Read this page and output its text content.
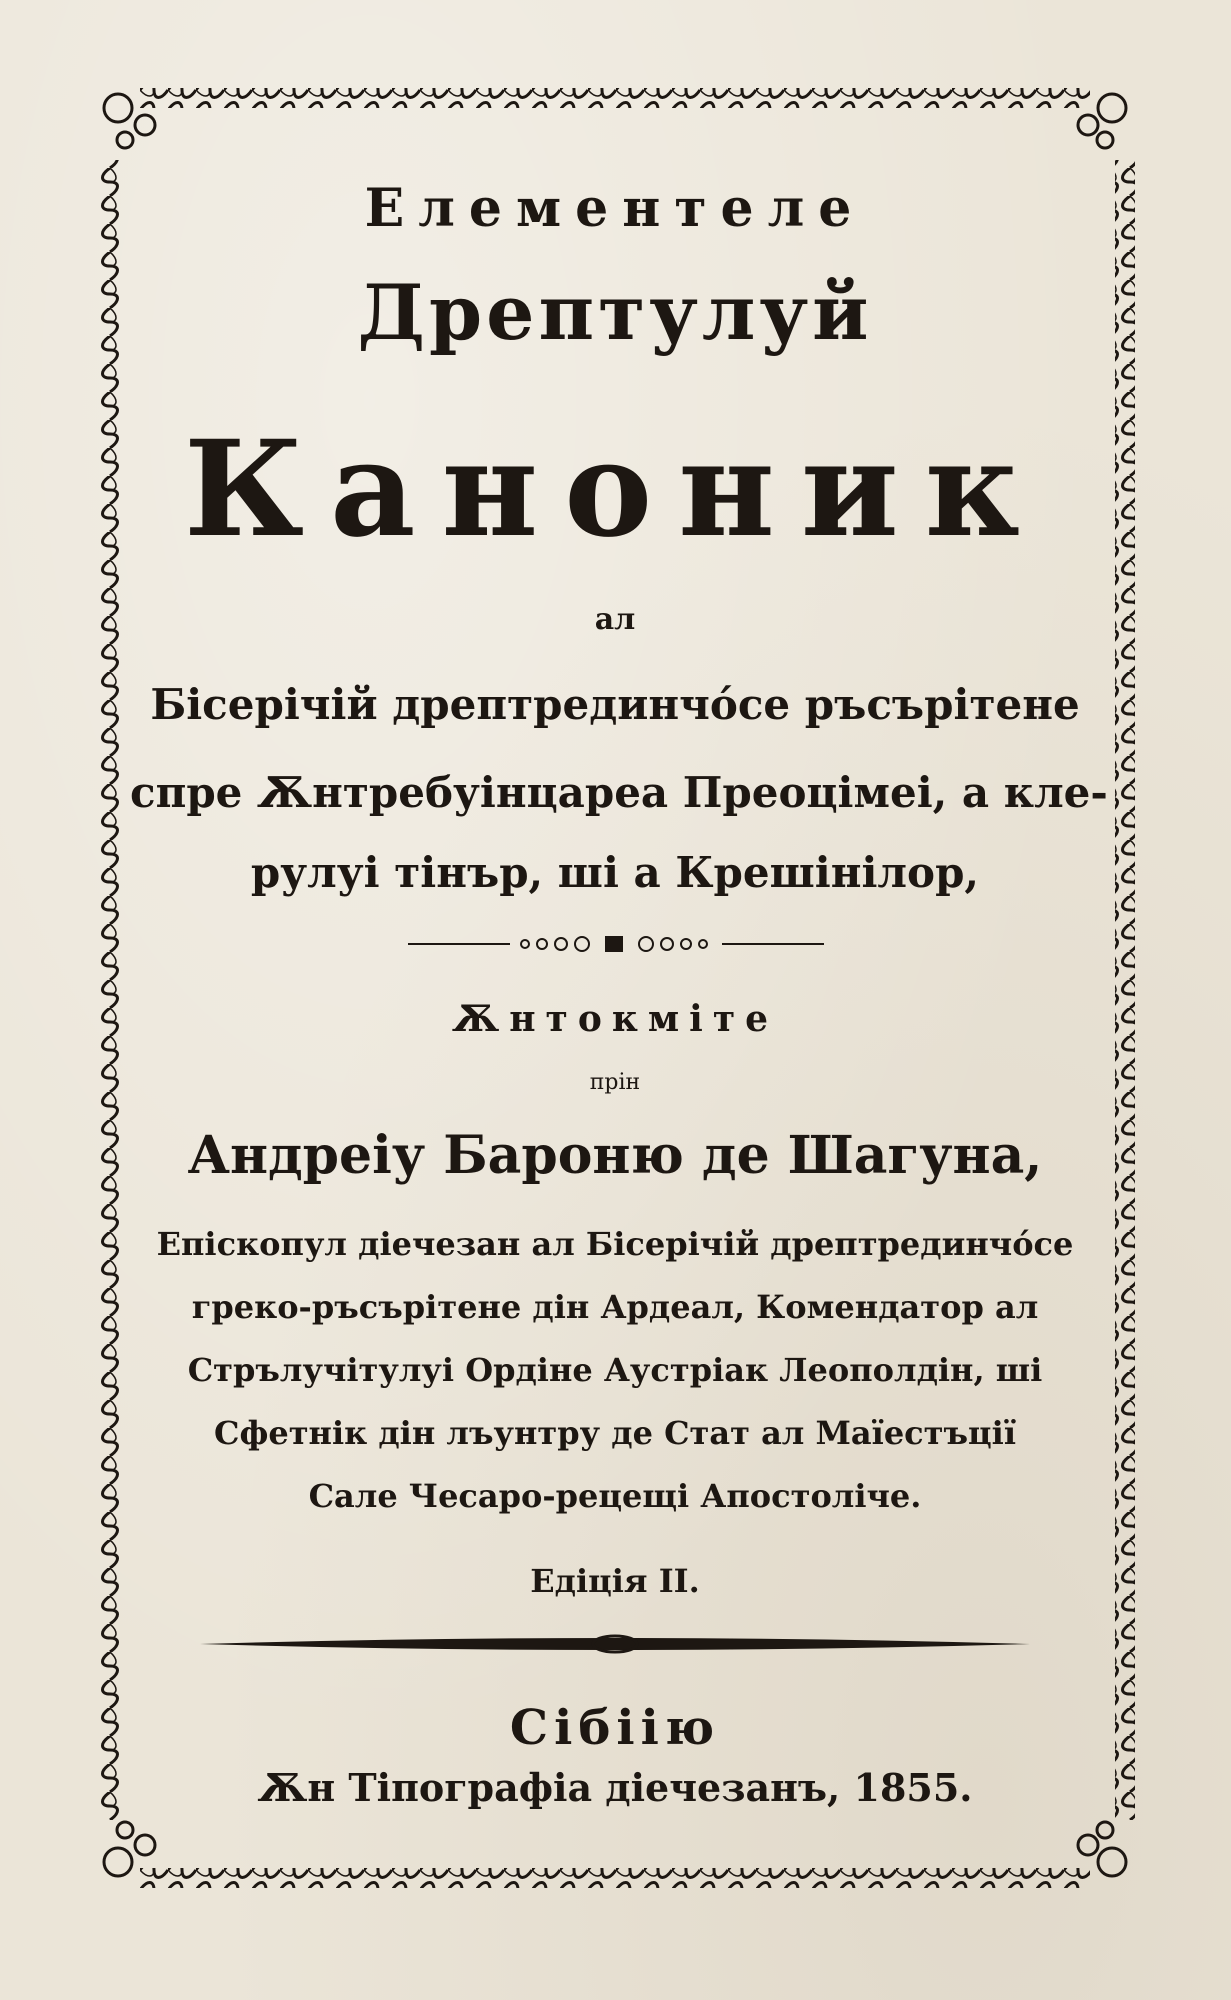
Елементеле
Дрептулуй
Каноник
ал
Бісерічій дрептрединчóсе ръсърітене
спре Ѫнтребуінцареа Преоцімеі, а кле-
рулуі тінър, ші а Крешінілор,
Ѫнтокміте
прін
Андреіу Бароню де Шагуна,
Епіскопул діечезан ал Бісерічій дрептрединчóсе
греко-ръсърітене дін Ардеал, Комендатор ал
Стрълучітулуі Ордіне Аустріак Леополдін, ші
Сфетнік дін лъунтру де Стат ал Маїестъції
Сале Чесаро-рецещі Апостоліче.
Едіція II.
Сібіію
Ѫн Тіпографіа діечезанъ, 1855.
